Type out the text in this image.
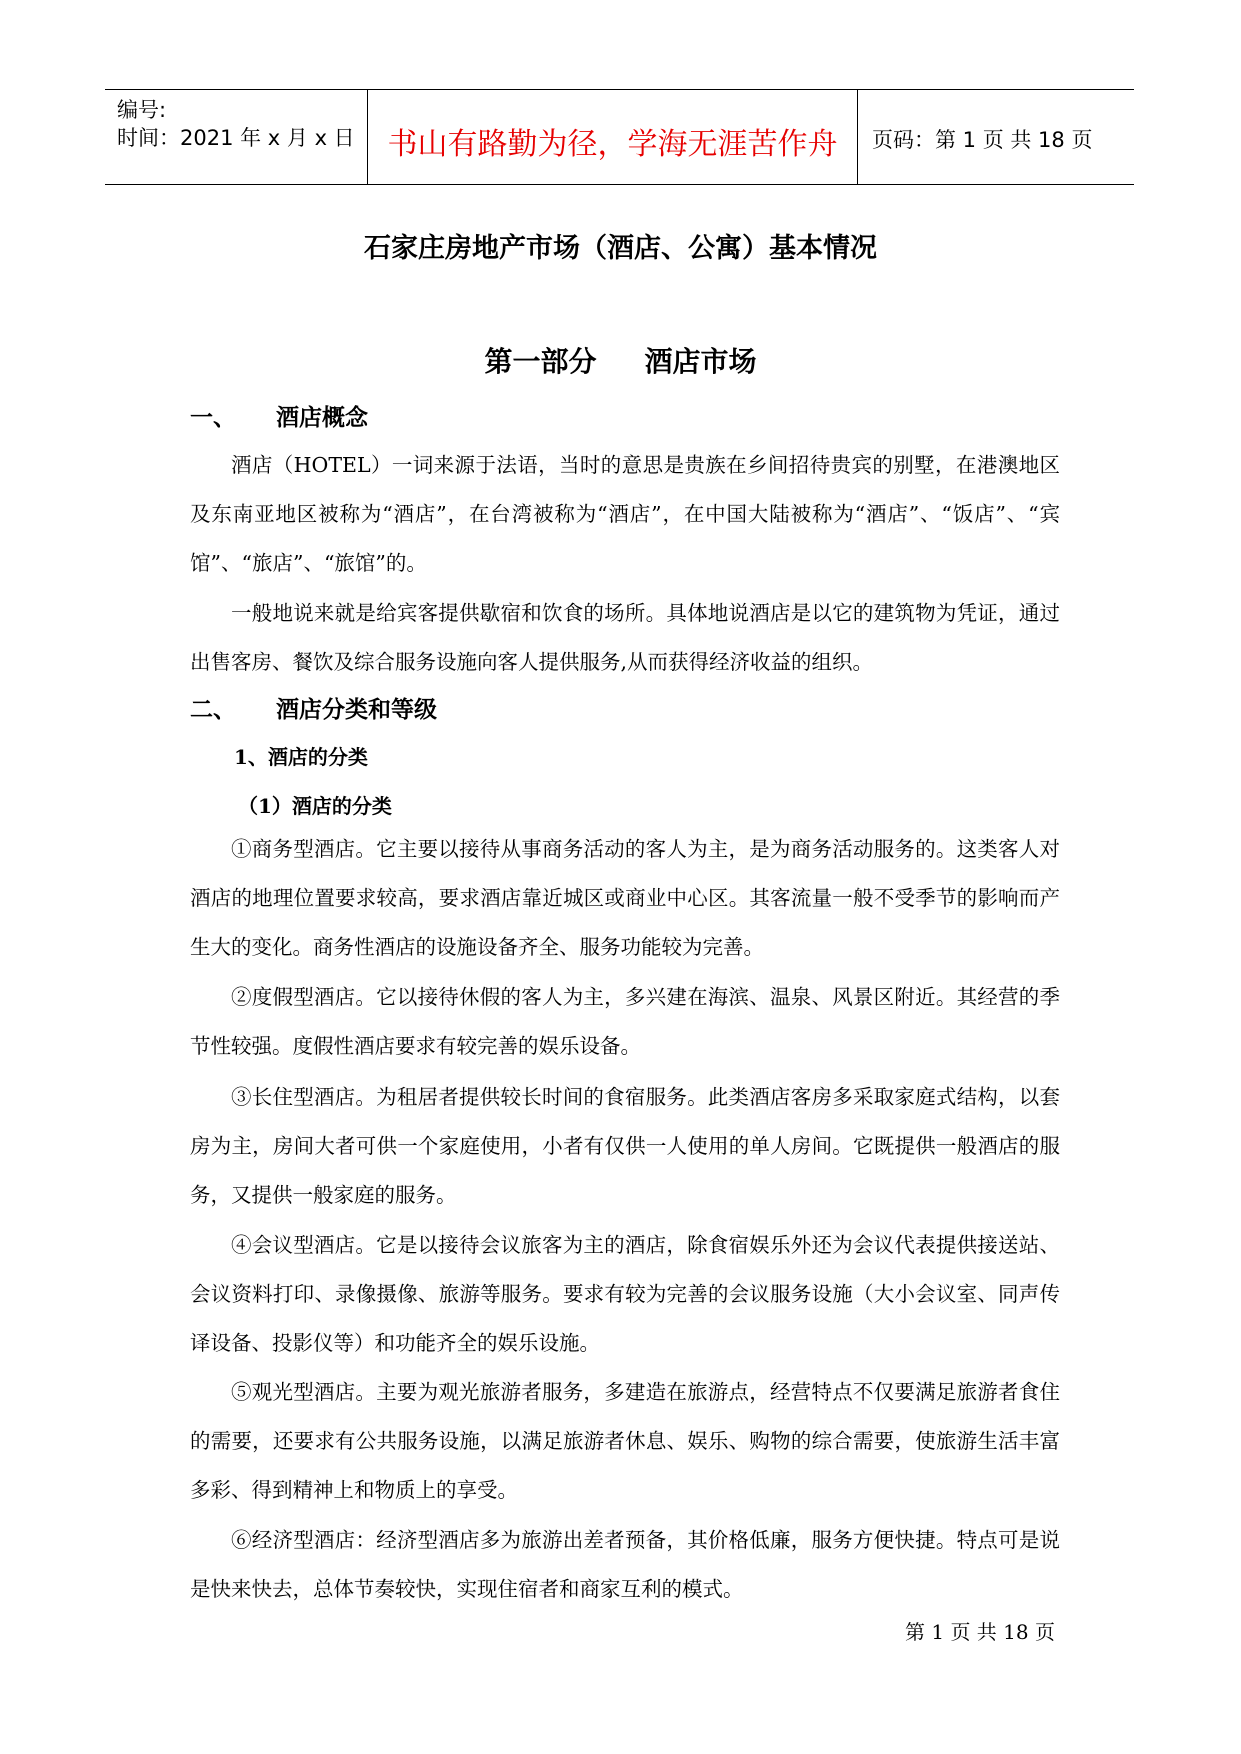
编号:
时间：2021 年 x 月 x 日	书山有路勤为径，学海无涯苦作舟	页码：第 1 页 共 18 页
石家庄房地产市场（酒店、公寓）基本情况
第一部分 酒店市场
一、 酒店概念

酒店（HOTEL）一词来源于法语，当时的意思是贵族在乡间招待贵宾的别墅，在港澳地区及东南亚地区被称为“酒店”，在台湾被称为“酒店”，在中国大陆被称为“酒店”、“饭店”、“宾馆”、“旅店”、“旅馆”的。

一般地说来就是给宾客提供歇宿和饮食的场所。具体地说酒店是以它的建筑物为凭证，通过出售客房、餐饮及综合服务设施向客人提供服务,从而获得经济收益的组织。

二、 酒店分类和等级
1、酒店的分类
（1）酒店的分类

①商务型酒店。它主要以接待从事商务活动的客人为主，是为商务活动服务的。这类客人对酒店的地理位置要求较高，要求酒店靠近城区或商业中心区。其客流量一般不受季节的影响而产生大的变化。商务性酒店的设施设备齐全、服务功能较为完善。

②度假型酒店。它以接待休假的客人为主，多兴建在海滨、温泉、风景区附近。其经营的季节性较强。度假性酒店要求有较完善的娱乐设备。

③长住型酒店。为租居者提供较长时间的食宿服务。此类酒店客房多采取家庭式结构，以套房为主，房间大者可供一个家庭使用，小者有仅供一人使用的单人房间。它既提供一般酒店的服务，又提供一般家庭的服务。

④会议型酒店。它是以接待会议旅客为主的酒店，除食宿娱乐外还为会议代表提供接送站、会议资料打印、录像摄像、旅游等服务。要求有较为完善的会议服务设施（大小会议室、同声传译设备、投影仪等）和功能齐全的娱乐设施。

⑤观光型酒店。主要为观光旅游者服务，多建造在旅游点，经营特点不仅要满足旅游者食住的需要，还要求有公共服务设施，以满足旅游者休息、娱乐、购物的综合需要，使旅游生活丰富多彩、得到精神上和物质上的享受。

⑥经济型酒店：经济型酒店多为旅游出差者预备，其价格低廉，服务方便快捷。特点可是说是快来快去，总体节奏较快，实现住宿者和商家互利的模式。

第 1 页 共 18 页
